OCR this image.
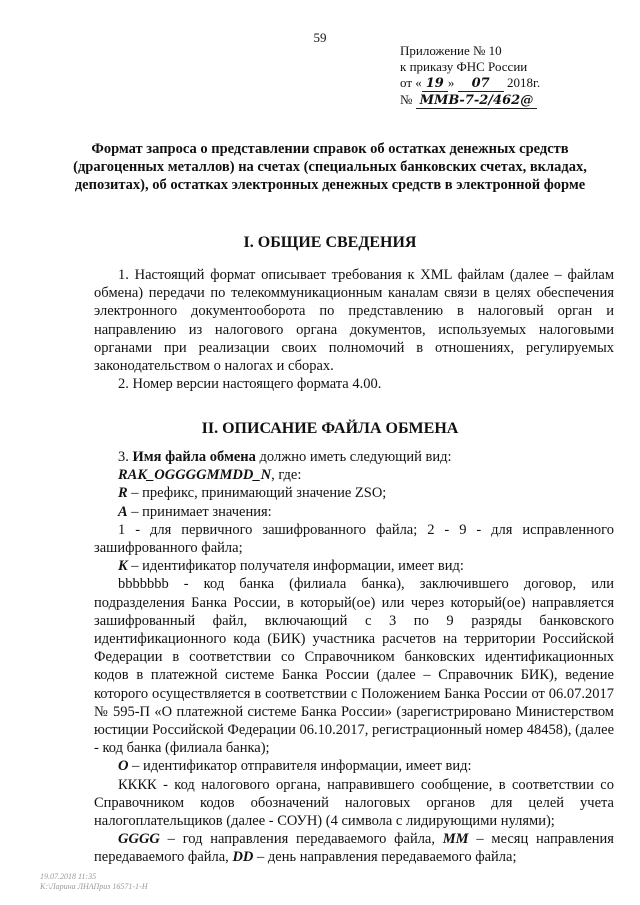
59
Приложение № 10
к приказу ФНС России
от « 19 » 07 2018г.
№ ММВ-7-2/462@
Формат запроса о представлении справок об остатках денежных средств (драгоценных металлов) на счетах (специальных банковских счетах, вкладах, депозитах), об остатках электронных денежных средств в электронной форме
I. ОБЩИЕ СВЕДЕНИЯ

1. Настоящий формат описывает требования к XML файлам (далее – файлам обмена) передачи по телекоммуникационным каналам связи в целях обеспечения электронного документооборота по представлению в налоговый орган и направлению из налогового органа документов, используемых налоговыми органами при реализации своих полномочий в отношениях, регулируемых законодательством о налогах и сборах.

2. Номер версии настоящего формата 4.00.

II. ОПИСАНИЕ ФАЙЛА ОБМЕНА

3. Имя файла обмена должно иметь следующий вид:

RAK_OGGGGMMDD_N, где:

R – префикс, принимающий значение ZSO;

A – принимает значения:

1 - для первичного зашифрованного файла; 2 - 9 - для исправленного зашифрованного файла;

K – идентификатор получателя информации, имеет вид:

bbbbbbb - код банка (филиала банка), заключившего договор, или подразделения Банка России, в который(ое) или через который(ое) направляется зашифрованный файл, включающий с 3 по 9 разряды банковского идентификационного кода (БИК) участника расчетов на территории Российской Федерации в соответствии со Справочником банковских идентификационных кодов в платежной системе Банка России (далее – Справочник БИК), ведение которого осуществляется в соответствии с Положением Банка России от 06.07.2017 № 595-П «О платежной системе Банка России» (зарегистрировано Министерством юстиции Российской Федерации 06.10.2017, регистрационный номер 48458), (далее - код банка (филиала банка);

O – идентификатор отправителя информации, имеет вид:

КККК - код налогового органа, направившего сообщение, в соответствии со Справочником кодов обозначений налоговых органов для целей учета налогоплательщиков (далее - СОУН) (4 символа с лидирующими нулями);

GGGG – год направления передаваемого файла, MM – месяц направления передаваемого файла, DD – день направления передаваемого файла;

19.07.2018 11:35
К:\Ларина ЛНАПриз 16571-1-Н
